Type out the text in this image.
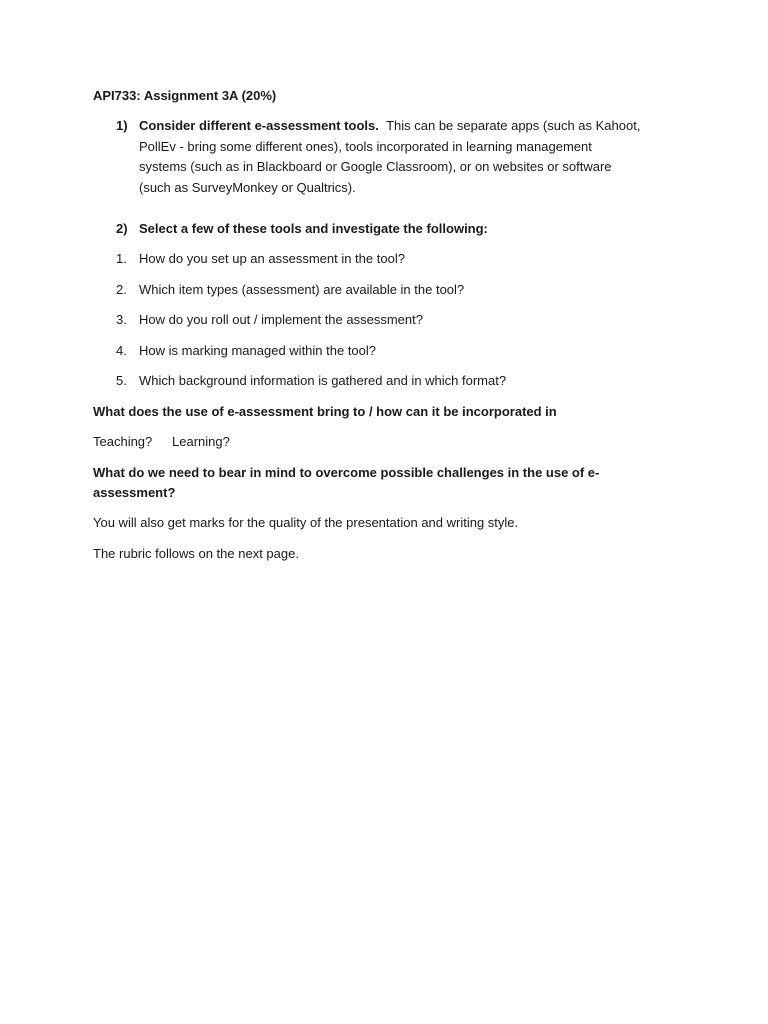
API733: Assignment 3A (20%)
1) Consider different e-assessment tools. This can be separate apps (such as Kahoot,
PollEv - bring some different ones), tools incorporated in learning management
systems (such as in Blackboard or Google Classroom), or on websites or software
(such as SurveyMonkey or Qualtrics).
2) Select a few of these tools and investigate the following:
1. How do you set up an assessment in the tool?
2. Which item types (assessment) are available in the tool?
3. How do you roll out / implement the assessment?
4. How is marking managed within the tool?
5. Which background information is gathered and in which format?
What does the use of e-assessment bring to / how can it be incorporated in
Teaching? Learning?
What do we need to bear in mind to overcome possible challenges in the use of e-
assessment?
You will also get marks for the quality of the presentation and writing style.
The rubric follows on the next page.
